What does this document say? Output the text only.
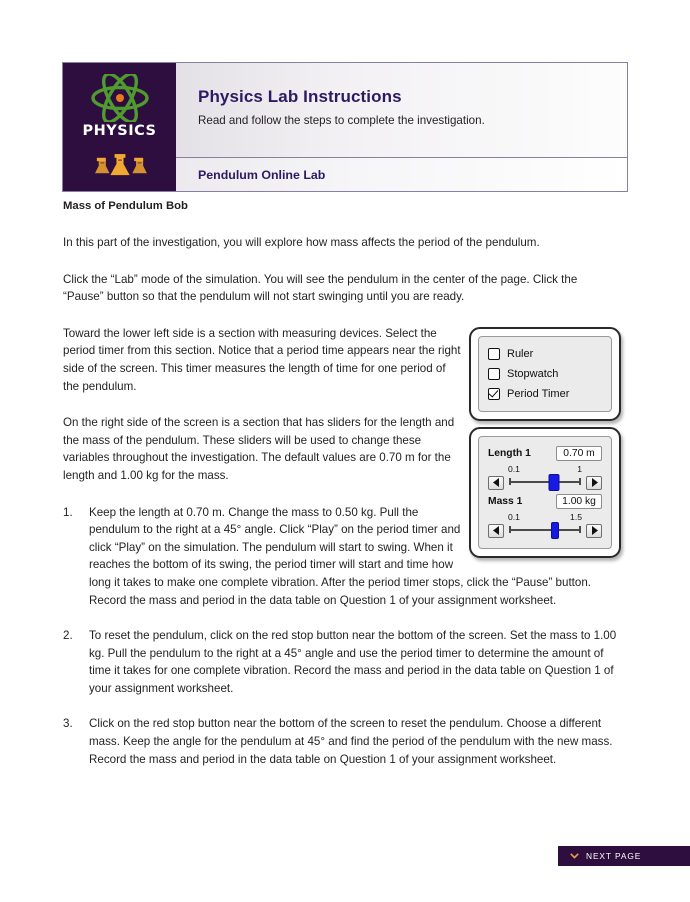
PHYSICS
Physics Lab Instructions

Read and follow the steps to complete the investigation.

Pendulum Online Lab
Mass of Pendulum Bob

In this part of the investigation, you will explore how mass affects the period of the pendulum.

Click the “Lab” mode of the simulation. You will see the pendulum in the center of the page. Click the “Pause” button so that the pendulum will not start swinging until you are ready.

Ruler
Stopwatch
Period Timer

Toward the lower left side is a section with measuring devices. Select the period timer from this section. Notice that a period time appears near the right side of the screen. This timer measures the length of time for one period of the pendulum.

Length 1	0.70 m
0.1	1
Mass 1	1.00 kg
0.1	1.5

On the right side of the screen is a section that has sliders for the length and the mass of the pendulum. These sliders will be used to change these variables throughout the investigation. The default values are 0.70 m for the length and 1.00 kg for the mass.

1.	Keep the length at 0.70 m. Change the mass to 0.50 kg. Pull the pendulum to the right at a 45° angle. Click “Play” on the period timer and click “Play” on the simulation. The pendulum will start to swing. When it reaches the bottom of its swing, the period timer will start and time how long it takes to make one complete vibration. After the period timer stops, click the “Pause” button. Record the mass and period in the data table on Question 1 of your assignment worksheet.
2.	To reset the pendulum, click on the red stop button near the bottom of the screen. Set the mass to 1.00 kg. Pull the pendulum to the right at a 45° angle and use the period timer to determine the amount of time it takes for one complete vibration. Record the mass and period in the data table on Question 1 of your assignment worksheet.
3.	Click on the red stop button near the bottom of the screen to reset the pendulum. Choose a different mass. Keep the angle for the pendulum at 45° and find the period of the pendulum with the new mass. Record the mass and period in the data table on Question 1 of your assignment worksheet.
NEXT PAGE
